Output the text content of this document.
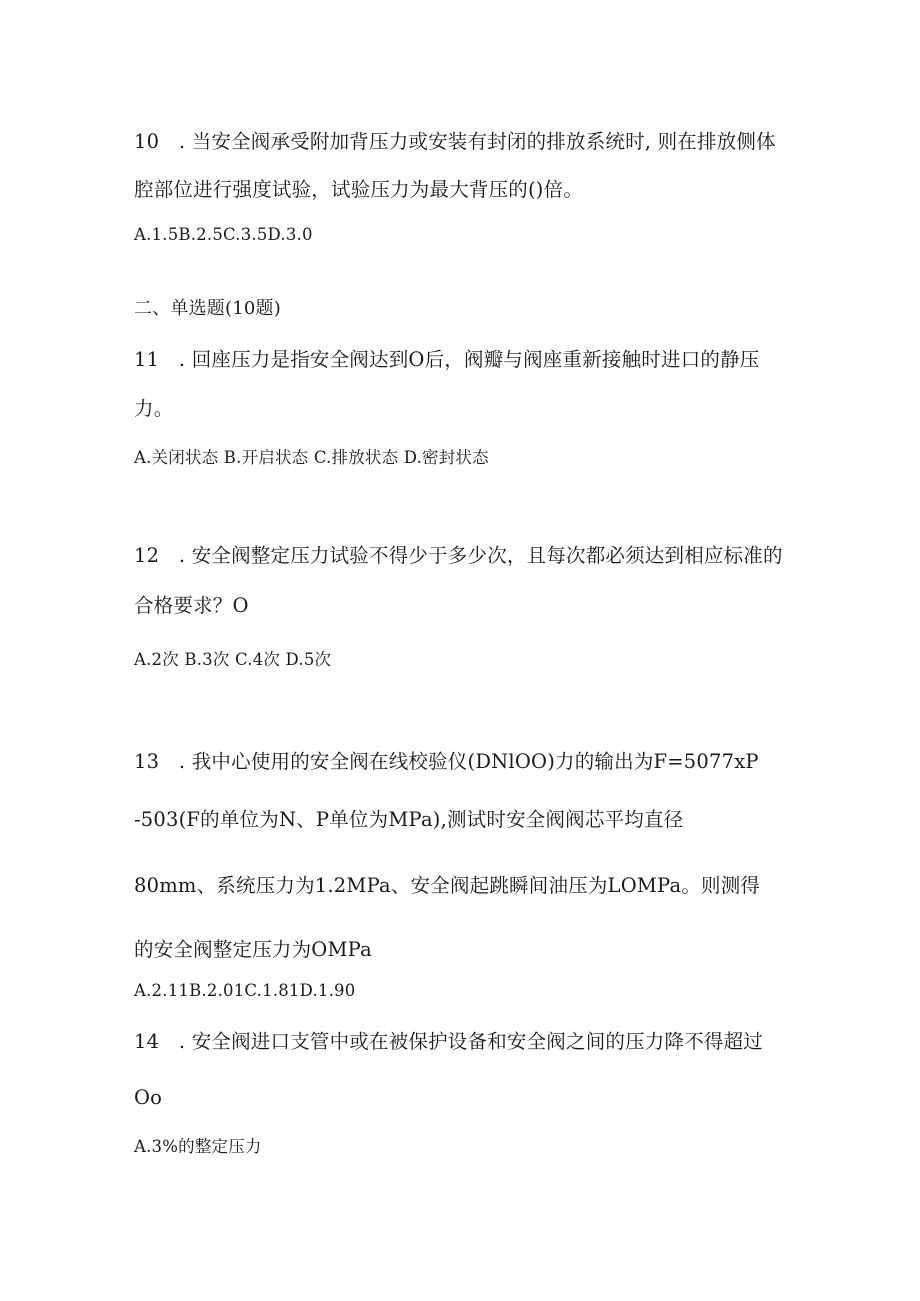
10　. 当安全阀承受附加背压力或安装有封闭的排放系统时, 则在排放侧体
腔部位进行强度试验，试验压力为最大背压的()倍。
A.1.5B.2.5C.3.5D.3.0
二、单选题(10题)
11　. 回座压力是指安全阀达到O后，阀瓣与阀座重新接触时进口的静压
力。
A.关闭状态 B.开启状态 C.排放状态 D.密封状态
12　. 安全阀整定压力试验不得少于多少次，且每次都必须达到相应标准的
合格要求？O
A.2次 B.3次 C.4次 D.5次
13　. 我中心使用的安全阀在线校验仪(DNlOO)力的输出为F=5077xP
-503(F的单位为N、P单位为MPa),测试时安全阀阀芯平均直径
80mm、系统压力为1.2MPa、安全阀起跳瞬间油压为LOMPa。则测得
的安全阀整定压力为OMPa
A.2.11B.2.01C.1.81D.1.90
14　. 安全阀进口支管中或在被保护设备和安全阀之间的压力降不得超过
Oo
A.3%的整定压力
